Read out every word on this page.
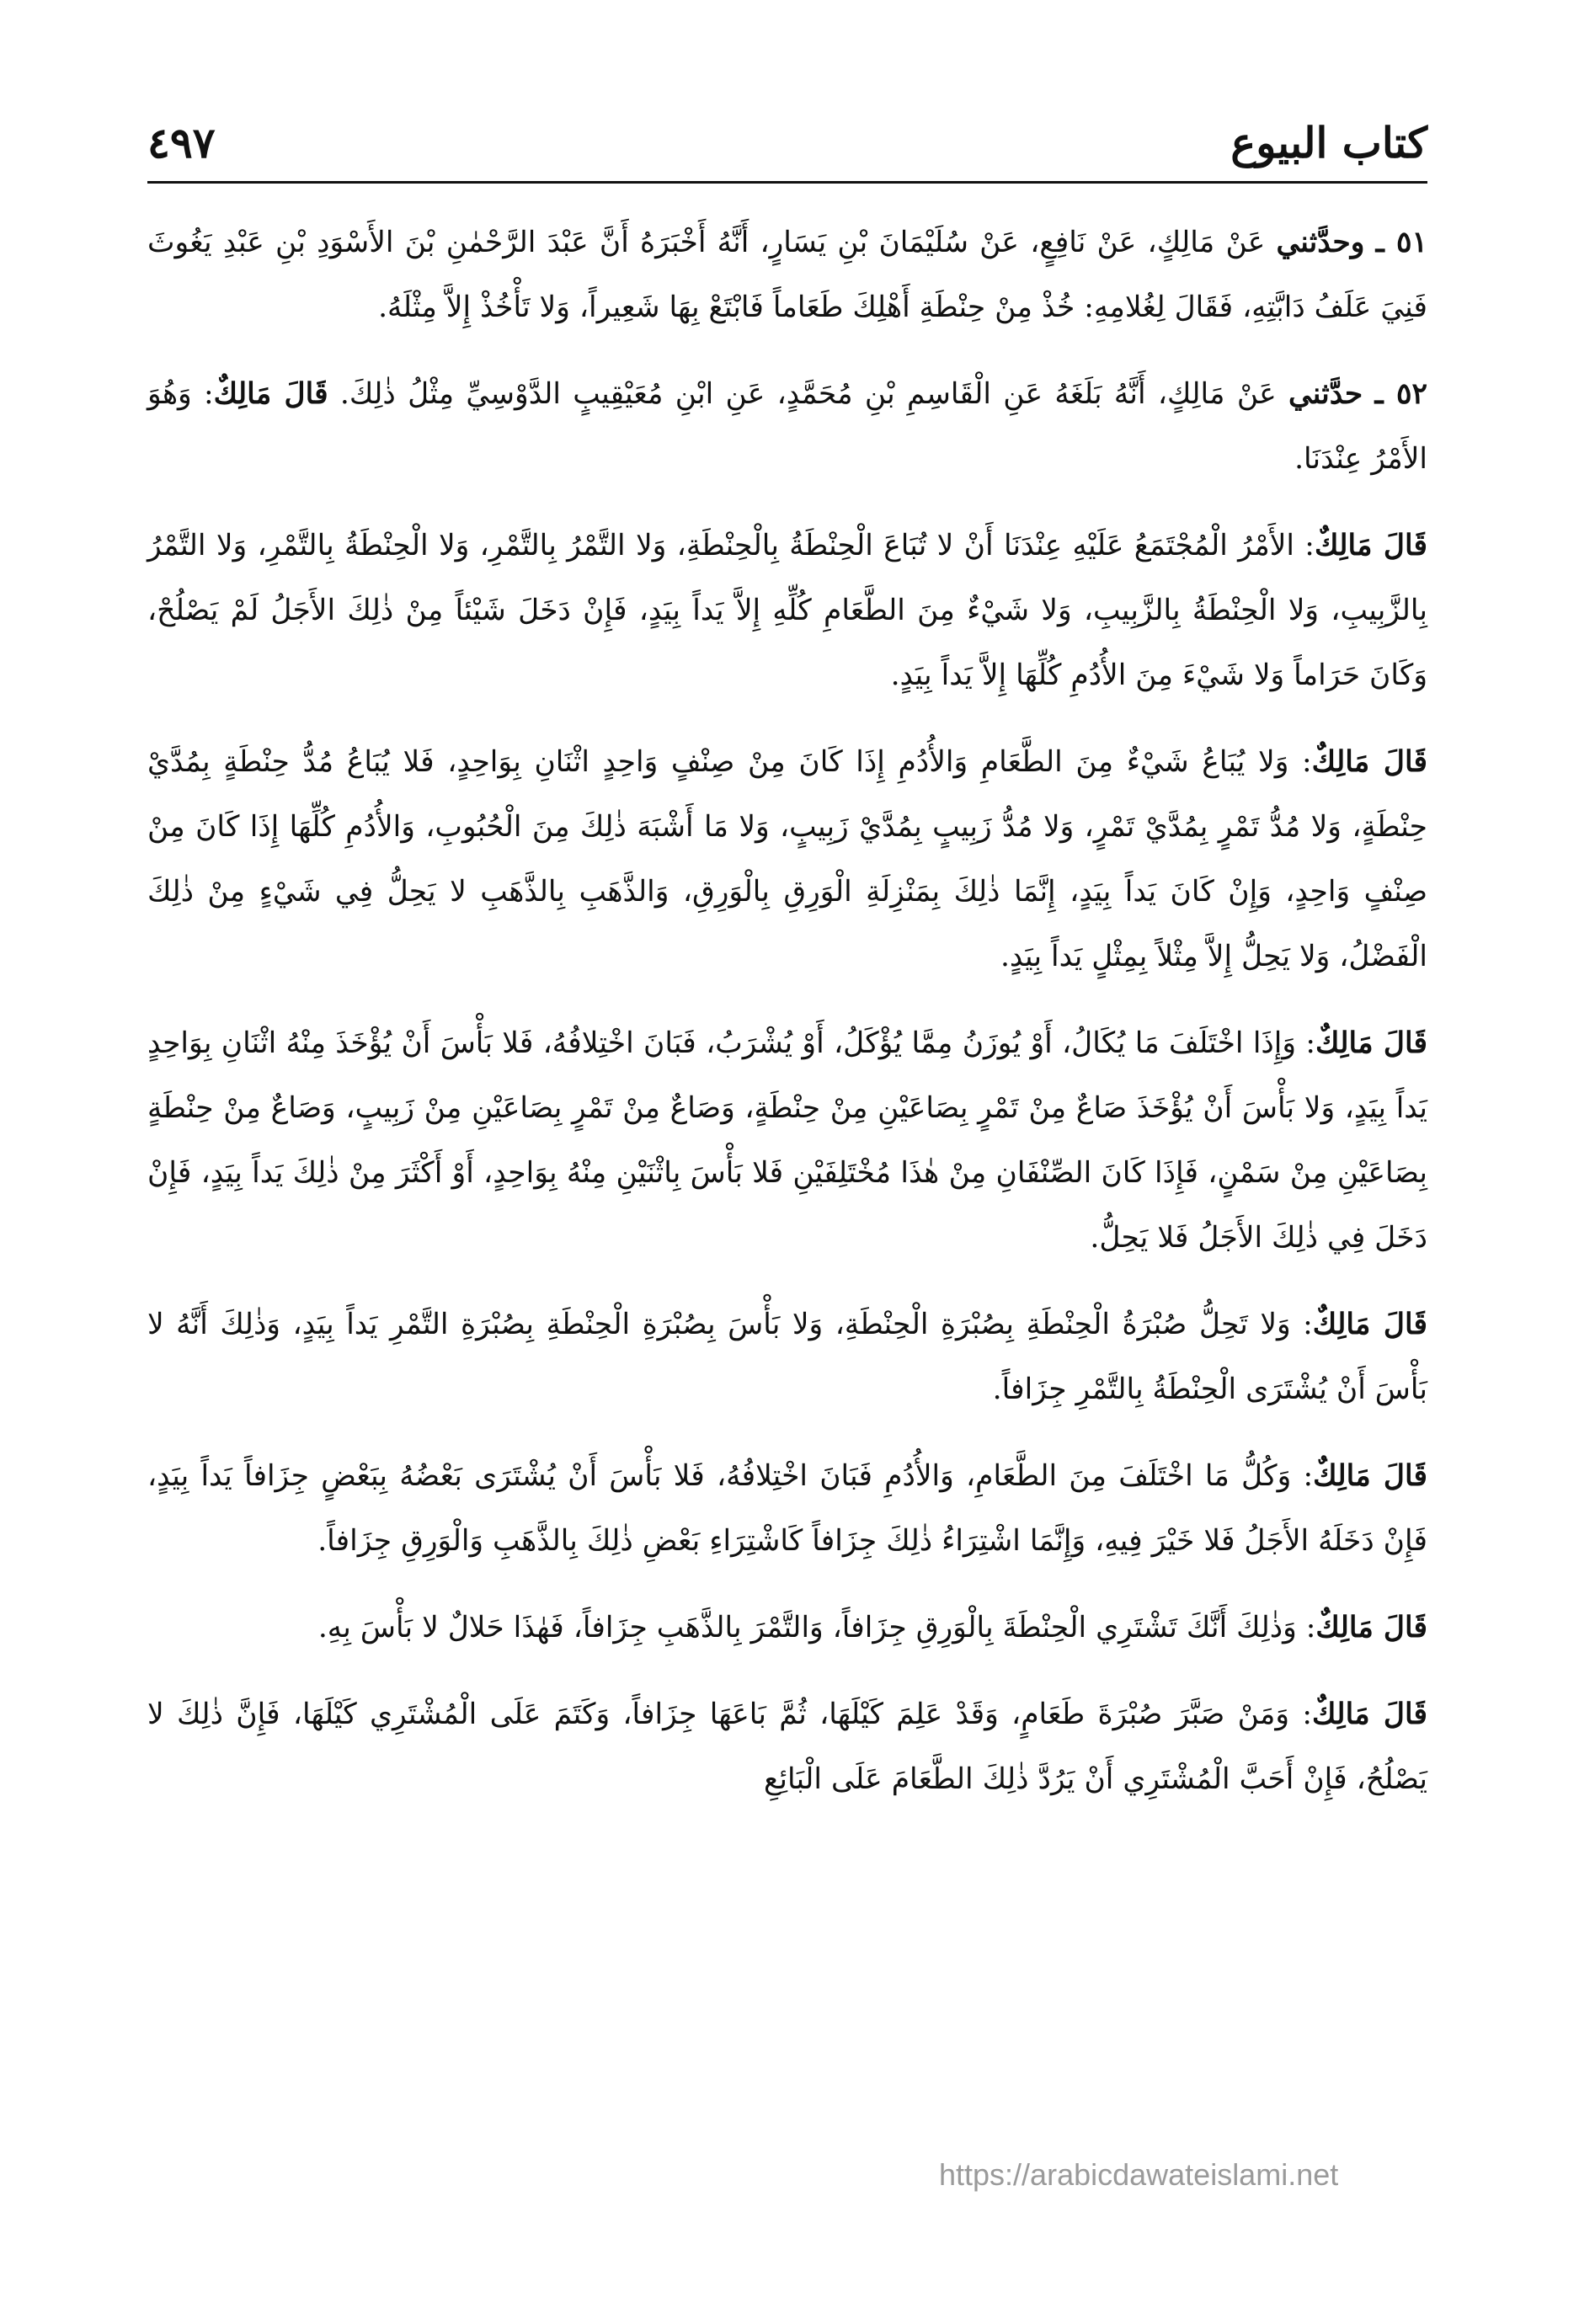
كتاب البيوع
٤٩٧

٥١ ـ وحدَّثني عَنْ مَالِكٍ، عَنْ نَافِعٍ، عَنْ سُلَيْمَانَ بْنِ يَسَارٍ، أَنَّهُ أَخْبَرَهُ أَنَّ عَبْدَ الرَّحْمٰنِ بْنَ الأَسْوَدِ بْنِ عَبْدِ يَغُوثَ فَنِيَ عَلَفُ دَابَّتِهِ، فَقَالَ لِغُلامِهِ: خُذْ مِنْ حِنْطَةِ أَهْلِكَ طَعَاماً فَابْتَعْ بِهَا شَعِيراً، وَلا تَأْخُذْ إِلاَّ مِثْلَهُ.

٥٢ ـ حدَّثني عَنْ مَالِكٍ، أَنَّهُ بَلَغَهُ عَنِ الْقَاسِمِ بْنِ مُحَمَّدٍ، عَنِ ابْنِ مُعَيْقِيبٍ الدَّوْسِيِّ مِثْلُ ذٰلِكَ. قَالَ مَالِكٌ: وَهُوَ الأَمْرُ عِنْدَنَا.

قَالَ مَالِكٌ: الأَمْرُ الْمُجْتَمَعُ عَلَيْهِ عِنْدَنَا أَنْ لا تُبَاعَ الْحِنْطَةُ بِالْحِنْطَةِ، وَلا التَّمْرُ بِالتَّمْرِ، وَلا الْحِنْطَةُ بِالتَّمْرِ، وَلا التَّمْرُ بِالزَّبِيبِ، وَلا الْحِنْطَةُ بِالزَّبِيبِ، وَلا شَيْءٌ مِنَ الطَّعَامِ كُلِّهِ إِلاَّ يَداً بِيَدٍ، فَإِنْ دَخَلَ شَيْئاً مِنْ ذٰلِكَ الأَجَلُ لَمْ يَصْلُحْ، وَكَانَ حَرَاماً وَلا شَيْءَ مِنَ الأُدُمِ كُلِّهَا إِلاَّ يَداً بِيَدٍ.

قَالَ مَالِكٌ: وَلا يُبَاعُ شَيْءٌ مِنَ الطَّعَامِ وَالأُدُمِ إِذَا كَانَ مِنْ صِنْفٍ وَاحِدٍ اثْنَانِ بِوَاحِدٍ، فَلا يُبَاعُ مُدُّ حِنْطَةٍ بِمُدَّيْ حِنْطَةٍ، وَلا مُدُّ تَمْرٍ بِمُدَّيْ تَمْرٍ، وَلا مُدُّ زَبِيبٍ بِمُدَّيْ زَبِيبٍ، وَلا مَا أَشْبَهَ ذٰلِكَ مِنَ الْحُبُوبِ، وَالأُدُمِ كُلِّهَا إِذَا كَانَ مِنْ صِنْفٍ وَاحِدٍ، وَإِنْ كَانَ يَداً بِيَدٍ، إِنَّمَا ذٰلِكَ بِمَنْزِلَةِ الْوَرِقِ بِالْوَرِقِ، وَالذَّهَبِ بِالذَّهَبِ لا يَحِلُّ فِي شَيْءٍ مِنْ ذٰلِكَ الْفَضْلُ، وَلا يَحِلُّ إِلاَّ مِثْلاً بِمِثْلٍ يَداً بِيَدٍ.

قَالَ مَالِكٌ: وَإِذَا اخْتَلَفَ مَا يُكَالُ، أَوْ يُوزَنُ مِمَّا يُؤْكَلُ، أَوْ يُشْرَبُ، فَبَانَ اخْتِلافُهُ، فَلا بَأْسَ أَنْ يُؤْخَذَ مِنْهُ اثْنَانِ بِوَاحِدٍ يَداً بِيَدٍ، وَلا بَأْسَ أَنْ يُؤْخَذَ صَاعٌ مِنْ تَمْرٍ بِصَاعَيْنِ مِنْ حِنْطَةٍ، وَصَاعٌ مِنْ تَمْرٍ بِصَاعَيْنِ مِنْ زَبِيبٍ، وَصَاعٌ مِنْ حِنْطَةٍ بِصَاعَيْنِ مِنْ سَمْنٍ، فَإِذَا كَانَ الصِّنْفَانِ مِنْ هٰذَا مُخْتَلِفَيْنِ فَلا بَأْسَ بِاثْنَيْنِ مِنْهُ بِوَاحِدٍ، أَوْ أَكْثَرَ مِنْ ذٰلِكَ يَداً بِيَدٍ، فَإِنْ دَخَلَ فِي ذٰلِكَ الأَجَلُ فَلا يَحِلُّ.

قَالَ مَالِكٌ: وَلا تَحِلُّ صُبْرَةُ الْحِنْطَةِ بِصُبْرَةِ الْحِنْطَةِ، وَلا بَأْسَ بِصُبْرَةِ الْحِنْطَةِ بِصُبْرَةِ التَّمْرِ يَداً بِيَدٍ، وَذٰلِكَ أَنَّهُ لا بَأْسَ أَنْ يُشْتَرَى الْحِنْطَةُ بِالتَّمْرِ جِزَافاً.

قَالَ مَالِكٌ: وَكُلُّ مَا اخْتَلَفَ مِنَ الطَّعَامِ، وَالأُدُمِ فَبَانَ اخْتِلافُهُ، فَلا بَأْسَ أَنْ يُشْتَرَى بَعْضُهُ بِبَعْضٍ جِزَافاً يَداً بِيَدٍ، فَإِنْ دَخَلَهُ الأَجَلُ فَلا خَيْرَ فِيهِ، وَإِنَّمَا اشْتِرَاءُ ذٰلِكَ جِزَافاً كَاشْتِرَاءِ بَعْضِ ذٰلِكَ بِالذَّهَبِ وَالْوَرِقِ جِزَافاً.

قَالَ مَالِكٌ: وَذٰلِكَ أَنَّكَ تَشْتَرِي الْحِنْطَةَ بِالْوَرِقِ جِزَافاً، وَالتَّمْرَ بِالذَّهَبِ جِزَافاً، فَهٰذَا حَلالٌ لا بَأْسَ بِهِ.

قَالَ مَالِكٌ: وَمَنْ صَبَّرَ صُبْرَةَ طَعَامٍ، وَقَدْ عَلِمَ كَيْلَهَا، ثُمَّ بَاعَهَا جِزَافاً، وَكَتَمَ عَلَى الْمُشْتَرِي كَيْلَهَا، فَإِنَّ ذٰلِكَ لا يَصْلُحُ، فَإِنْ أَحَبَّ الْمُشْتَرِي أَنْ يَرُدَّ ذٰلِكَ الطَّعَامَ عَلَى الْبَائِعِ

https://arabicdawateislami.net
